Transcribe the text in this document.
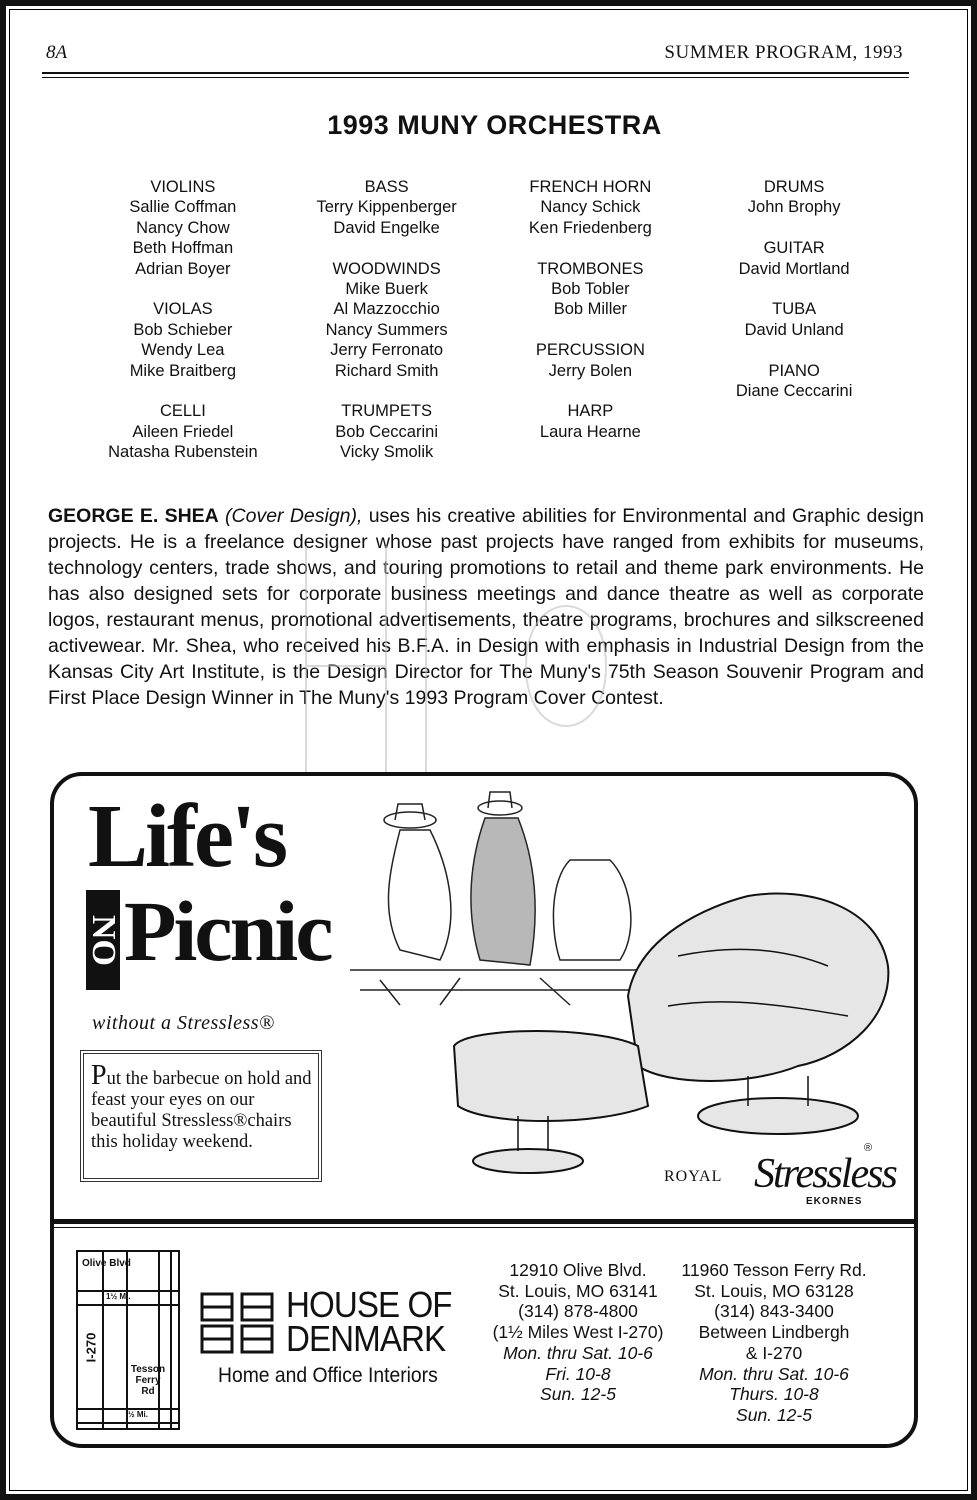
8A	SUMMER PROGRAM, 1993
1993 MUNY ORCHESTRA
VIOLINS
Sallie Coffman
Nancy Chow
Beth Hoffman
Adrian Boyer
VIOLAS
Bob Schieber
Wendy Lea
Mike Braitberg
CELLI
Aileen Friedel
Natasha Rubenstein
BASS
Terry Kippenberger
David Engelke
WOODWINDS
Mike Buerk
Al Mazzocchio
Nancy Summers
Jerry Ferronato
Richard Smith
TRUMPETS
Bob Ceccarini
Vicky Smolik
FRENCH HORN
Nancy Schick
Ken Friedenberg
TROMBONES
Bob Tobler
Bob Miller
PERCUSSION
Jerry Bolen
HARP
Laura Hearne
DRUMS
John Brophy
GUITAR
David Mortland
TUBA
David Unland
PIANO
Diane Ceccarini
GEORGE E. SHEA (Cover Design), uses his creative abilities for Environmental and Graphic design projects. He is a freelance designer whose past projects have ranged from exhibits for museums, technology centers, trade shows, and touring promotions to retail and theme park environments. He has also designed sets for corporate business meetings and dance theatre as well as corporate logos, restaurant menus, promotional advertisements, theatre programs, brochures and silkscreened activewear. Mr. Shea, who received his B.F.A. in Design with emphasis in Industrial Design from the Kansas City Art Institute, is the Design Director for The Muny's 75th Season Souvenir Program and First Place Design Winner in The Muny's 1993 Program Cover Contest.
Life's
NO Picnic
without a Stressless®
Put the barbecue on hold and feast your eyes on our beautiful Stressless®chairs this holiday weekend.
ROYAL Stressless
®
EKORNES
Olive Blvd
1½ Mi.
I-270
Tesson Ferry Rd
½ Mi.
HOUSE OF
DENMARK
Home and Office Interiors
12910 Olive Blvd.
St. Louis, MO 63141
(314) 878-4800
(1½ Miles West I-270)
Mon. thru Sat. 10-6
Fri. 10-8
Sun. 12-5
11960 Tesson Ferry Rd.
St. Louis, MO 63128
(314) 843-3400
Between Lindbergh
& I-270
Mon. thru Sat. 10-6
Thurs. 10-8
Sun. 12-5
